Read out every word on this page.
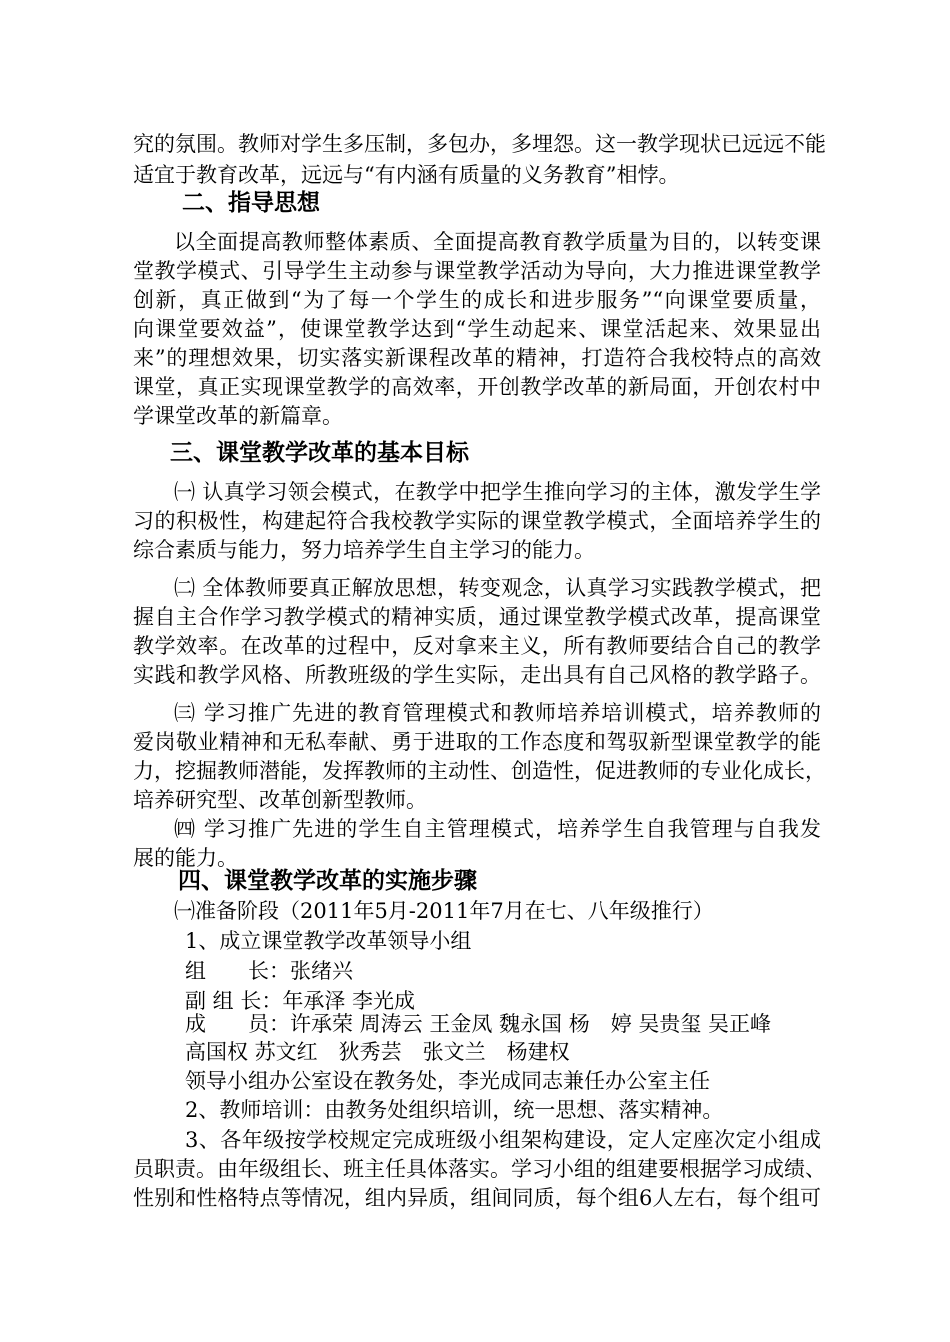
究的氛围。教师对学生多压制，多包办，多埋怨。这一教学现状已远远不能
适宜于教育改革，远远与“有内涵有质量的义务教育”相悖。
二、指导思想
以全面提高教师整体素质、全面提高教育教学质量为目的，以转变课
堂教学模式、引导学生主动参与课堂教学活动为导向，大力推进课堂教学
创新，真正做到“为了每一个学生的成长和进步服务”“向课堂要质量，
向课堂要效益”，使课堂教学达到“学生动起来、课堂活起来、效果显出
来”的理想效果，切实落实新课程改革的精神，打造符合我校特点的高效
课堂，真正实现课堂教学的高效率，开创教学改革的新局面，开创农村中
学课堂改革的新篇章。
三、课堂教学改革的基本目标
㈠ 认真学习领会模式，在教学中把学生推向学习的主体，激发学生学
习的积极性，构建起符合我校教学实际的课堂教学模式，全面培养学生的
综合素质与能力，努力培养学生自主学习的能力。
㈡ 全体教师要真正解放思想，转变观念，认真学习实践教学模式，把
握自主合作学习教学模式的精神实质，通过课堂教学模式改革，提高课堂
教学效率。在改革的过程中，反对拿来主义，所有教师要结合自己的教学
实践和教学风格、所教班级的学生实际，走出具有自己风格的教学路子。
㈢ 学习推广先进的教育管理模式和教师培养培训模式，培养教师的
爱岗敬业精神和无私奉献、勇于进取的工作态度和驾驭新型课堂教学的能
力，挖掘教师潜能，发挥教师的主动性、创造性，促进教师的专业化成长，
培养研究型、改革创新型教师。
㈣ 学习推广先进的学生自主管理模式，培养学生自我管理与自我发
展的能力。
四、课堂教学改革的实施步骤
㈠准备阶段（2011年5月-2011年7月在七、八年级推行）
1、成立课堂教学改革领导小组
组　　长：张绪兴
副 组 长：年承泽 李光成
成　　员：许承荣 周涛云 王金凤 魏永国 杨　婷 吴贵玺 吴正峰
高国权 苏文红　狄秀芸　张文兰　杨建权
领导小组办公室设在教务处，李光成同志兼任办公室主任
2、教师培训：由教务处组织培训，统一思想、落实精神。
3、各年级按学校规定完成班级小组架构建设，定人定座次定小组成
员职责。由年级组长、班主任具体落实。学习小组的组建要根据学习成绩、
性别和性格特点等情况，组内异质，组间同质，每个组6人左右，每个组可
